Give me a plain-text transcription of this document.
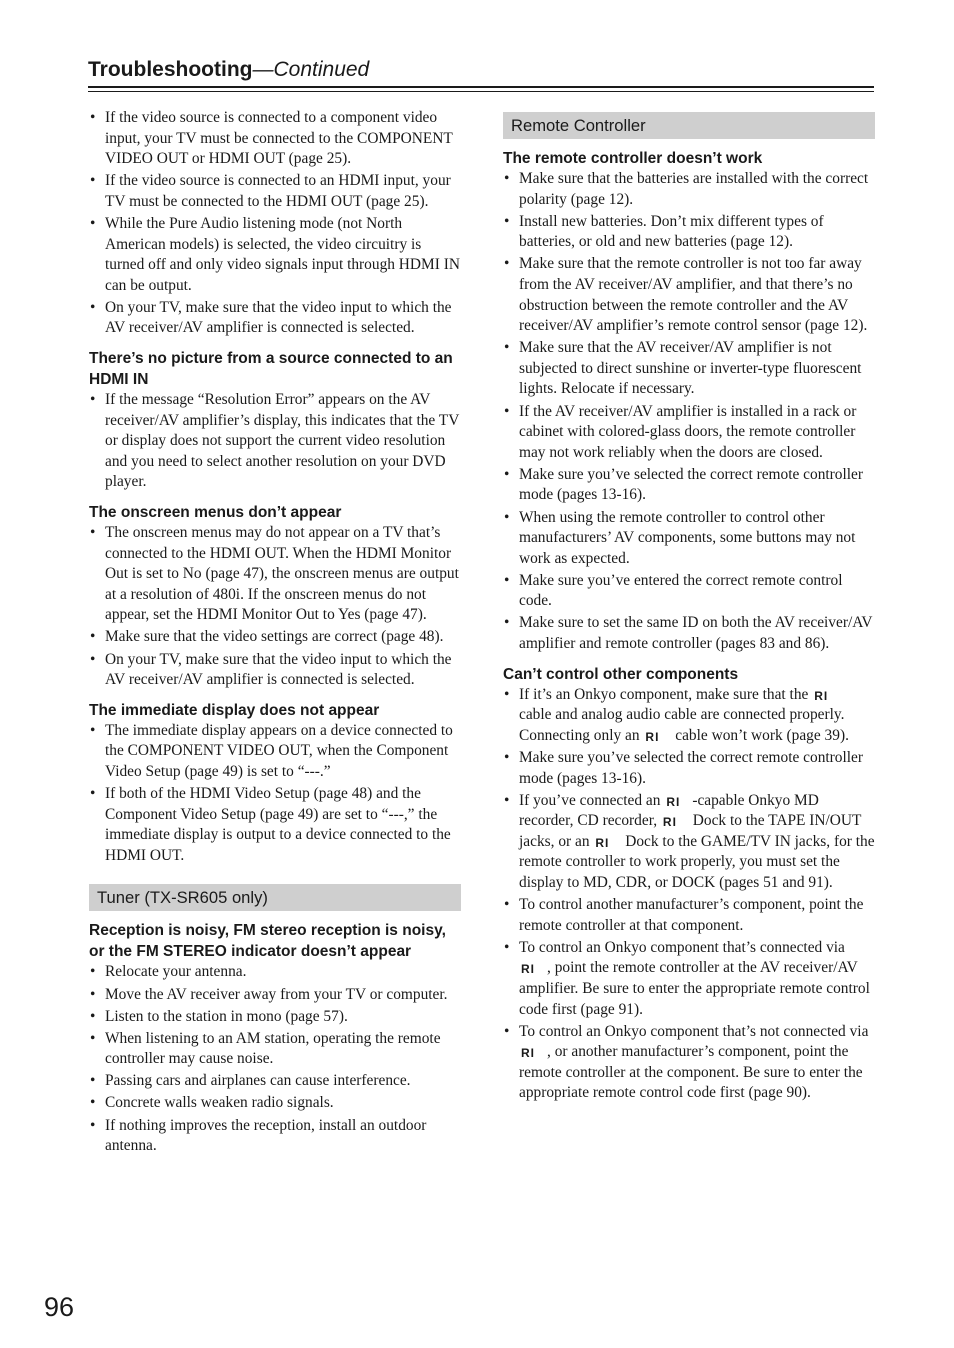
Troubleshooting—Continued
• If the video source is connected to a component video input, your TV must be connected to the COMPONENT VIDEO OUT or HDMI OUT (page 25).
• If the video source is connected to an HDMI input, your TV must be connected to the HDMI OUT (page 25).
• While the Pure Audio listening mode (not North American models) is selected, the video circuitry is turned off and only video signals input through HDMI IN can be output.
• On your TV, make sure that the video input to which the AV receiver/AV amplifier is connected is selected.
There’s no picture from a source connected to an HDMI IN
• If the message “Resolution Error” appears on the AV receiver/AV amplifier’s display, this indicates that the TV or display does not support the current video resolution and you need to select another resolution on your DVD player.
The onscreen menus don’t appear
• The onscreen menus may do not appear on a TV that’s connected to the HDMI OUT. When the HDMI Monitor Out is set to No (page 47), the onscreen menus are output at a resolution of 480i. If the onscreen menus do not appear, set the HDMI Monitor Out to Yes (page 47).
• Make sure that the video settings are correct (page 48).
• On your TV, make sure that the video input to which the AV receiver/AV amplifier is connected is selected.
The immediate display does not appear
• The immediate display appears on a device connected to the COMPONENT VIDEO OUT, when the Component Video Setup (page 49) is set to “---.”
• If both of the HDMI Video Setup (page 48) and the Component Video Setup (page 49) are set to “---,” the immediate display is output to a device connected to the HDMI OUT.
Tuner (TX-SR605 only)
Reception is noisy, FM stereo reception is noisy, or the FM STEREO indicator doesn’t appear
• Relocate your antenna.
• Move the AV receiver away from your TV or computer.
• Listen to the station in mono (page 57).
• When listening to an AM station, operating the remote controller may cause noise.
• Passing cars and airplanes can cause interference.
• Concrete walls weaken radio signals.
• If nothing improves the reception, install an outdoor antenna.
Remote Controller
The remote controller doesn’t work
• Make sure that the batteries are installed with the correct polarity (page 12).
• Install new batteries. Don’t mix different types of batteries, or old and new batteries (page 12).
• Make sure that the remote controller is not too far away from the AV receiver/AV amplifier, and that there’s no obstruction between the remote controller and the AV receiver/AV amplifier’s remote control sensor (page 12).
• Make sure that the AV receiver/AV amplifier is not subjected to direct sunshine or inverter-type fluorescent lights. Relocate if necessary.
• If the AV receiver/AV amplifier is installed in a rack or cabinet with colored-glass doors, the remote controller may not work reliably when the doors are closed.
• Make sure you’ve selected the correct remote controller mode (pages 13-16).
• When using the remote controller to control other manufacturers’ AV components, some buttons may not work as expected.
• Make sure you’ve entered the correct remote control code.
• Make sure to set the same ID on both the AV receiver/AV amplifier and remote controller (pages 83 and 86).
Can’t control other components
• If it’s an Onkyo component, make sure that the RI cable and analog audio cable are connected properly. Connecting only an RI cable won’t work (page 39).
• Make sure you’ve selected the correct remote controller mode (pages 13-16).
• If you’ve connected an RI -capable Onkyo MD recorder, CD recorder, RI Dock to the TAPE IN/OUT jacks, or an RI Dock to the GAME/TV IN jacks, for the remote controller to work properly, you must set the display to MD, CDR, or DOCK (pages 51 and 91).
• To control another manufacturer’s component, point the remote controller at that component.
• To control an Onkyo component that’s connected via RI , point the remote controller at the AV receiver/AV amplifier. Be sure to enter the appropriate remote control code first (page 91).
• To control an Onkyo component that’s not connected via RI , or another manufacturer’s component, point the remote controller at the component. Be sure to enter the appropriate remote control code first (page 90).
96
